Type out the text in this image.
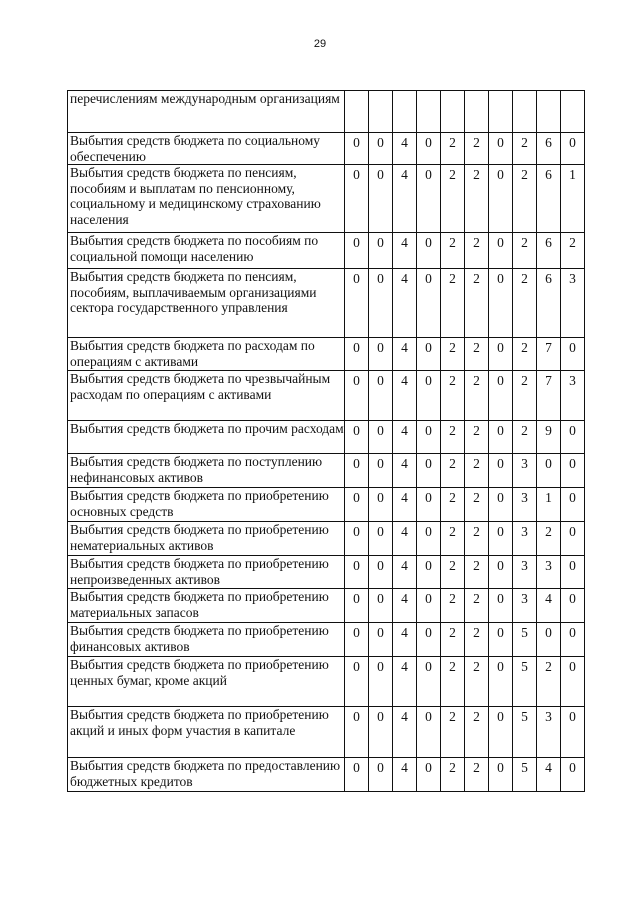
29
перечислениям международным организациям										
Выбытия средств бюджета по социальному обеспечению	0	0	4	0	2	2	0	2	6	0
Выбытия средств бюджета по пенсиям, пособиям и выплатам по пенсионному, социальному и медицинскому страхованию населения	0	0	4	0	2	2	0	2	6	1
Выбытия средств бюджета по пособиям по социальной помощи населению	0	0	4	0	2	2	0	2	6	2
Выбытия средств бюджета по пенсиям, пособиям, выплачиваемым организациями сектора государственного управления	0	0	4	0	2	2	0	2	6	3
Выбытия средств бюджета по расходам по операциям с активами	0	0	4	0	2	2	0	2	7	0
Выбытия средств бюджета по чрезвычайным расходам по операциям с активами	0	0	4	0	2	2	0	2	7	3
Выбытия средств бюджета по прочим расходам	0	0	4	0	2	2	0	2	9	0
Выбытия средств бюджета по поступлению нефинансовых активов	0	0	4	0	2	2	0	3	0	0
Выбытия средств бюджета по приобретению основных средств	0	0	4	0	2	2	0	3	1	0
Выбытия средств бюджета по приобретению нематериальных активов	0	0	4	0	2	2	0	3	2	0
Выбытия средств бюджета по приобретению непроизведенных активов	0	0	4	0	2	2	0	3	3	0
Выбытия средств бюджета по приобретению материальных запасов	0	0	4	0	2	2	0	3	4	0
Выбытия средств бюджета по приобретению финансовых активов	0	0	4	0	2	2	0	5	0	0
Выбытия средств бюджета по приобретению ценных бумаг, кроме акций	0	0	4	0	2	2	0	5	2	0
Выбытия средств бюджета по приобретению акций и иных форм участия в капитале	0	0	4	0	2	2	0	5	3	0
Выбытия средств бюджета по предоставлению бюджетных кредитов	0	0	4	0	2	2	0	5	4	0
